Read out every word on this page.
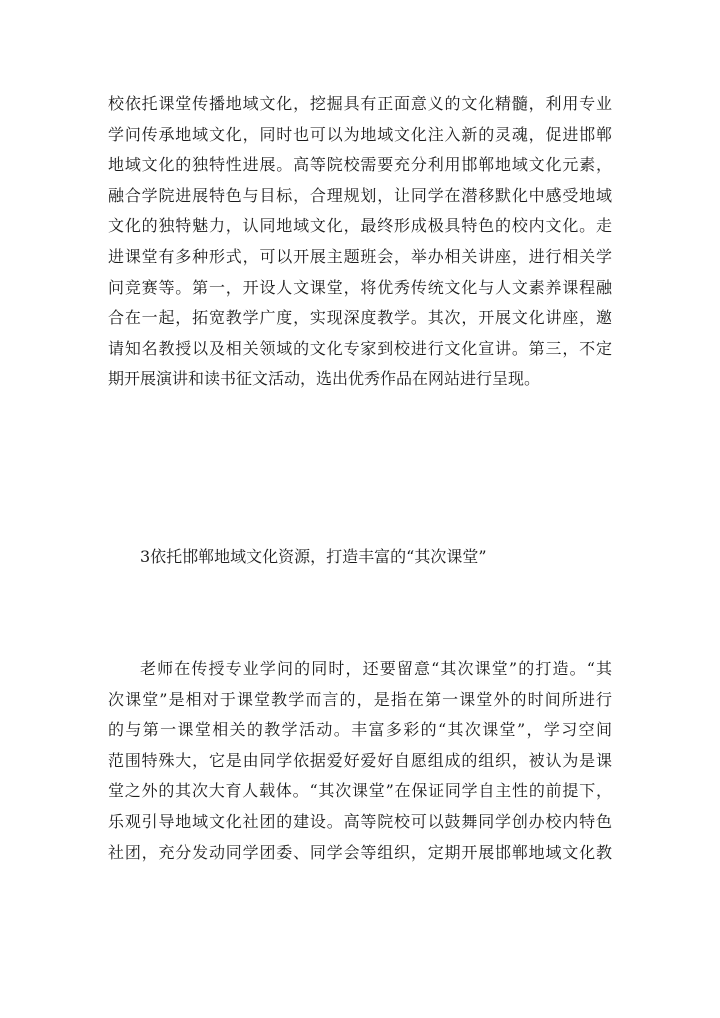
校依托课堂传播地域文化，挖掘具有正面意义的文化精髓，利用专业
学问传承地域文化，同时也可以为地域文化注入新的灵魂，促进邯郸
地域文化的独特性进展。高等院校需要充分利用邯郸地域文化元素，
融合学院进展特色与目标，合理规划，让同学在潜移默化中感受地域
文化的独特魅力，认同地域文化，最终形成极具特色的校内文化。走
进课堂有多种形式，可以开展主题班会，举办相关讲座，进行相关学
问竞赛等。第一，开设人文课堂，将优秀传统文化与人文素养课程融
合在一起，拓宽教学广度，实现深度教学。其次，开展文化讲座，邀
请知名教授以及相关领域的文化专家到校进行文化宣讲。第三，不定
期开展演讲和读书征文活动，选出优秀作品在网站进行呈现。
3依托邯郸地域文化资源，打造丰富的“其次课堂”
老师在传授专业学问的同时，还要留意“其次课堂”的打造。“其
次课堂”是相对于课堂教学而言的，是指在第一课堂外的时间所进行
的与第一课堂相关的教学活动。丰富多彩的“其次课堂”，学习空间
范围特殊大，它是由同学依据爱好爱好自愿组成的组织，被认为是课
堂之外的其次大育人载体。“其次课堂”在保证同学自主性的前提下，
乐观引导地域文化社团的建设。高等院校可以鼓舞同学创办校内特色
社团，充分发动同学团委、同学会等组织，定期开展邯郸地域文化教
